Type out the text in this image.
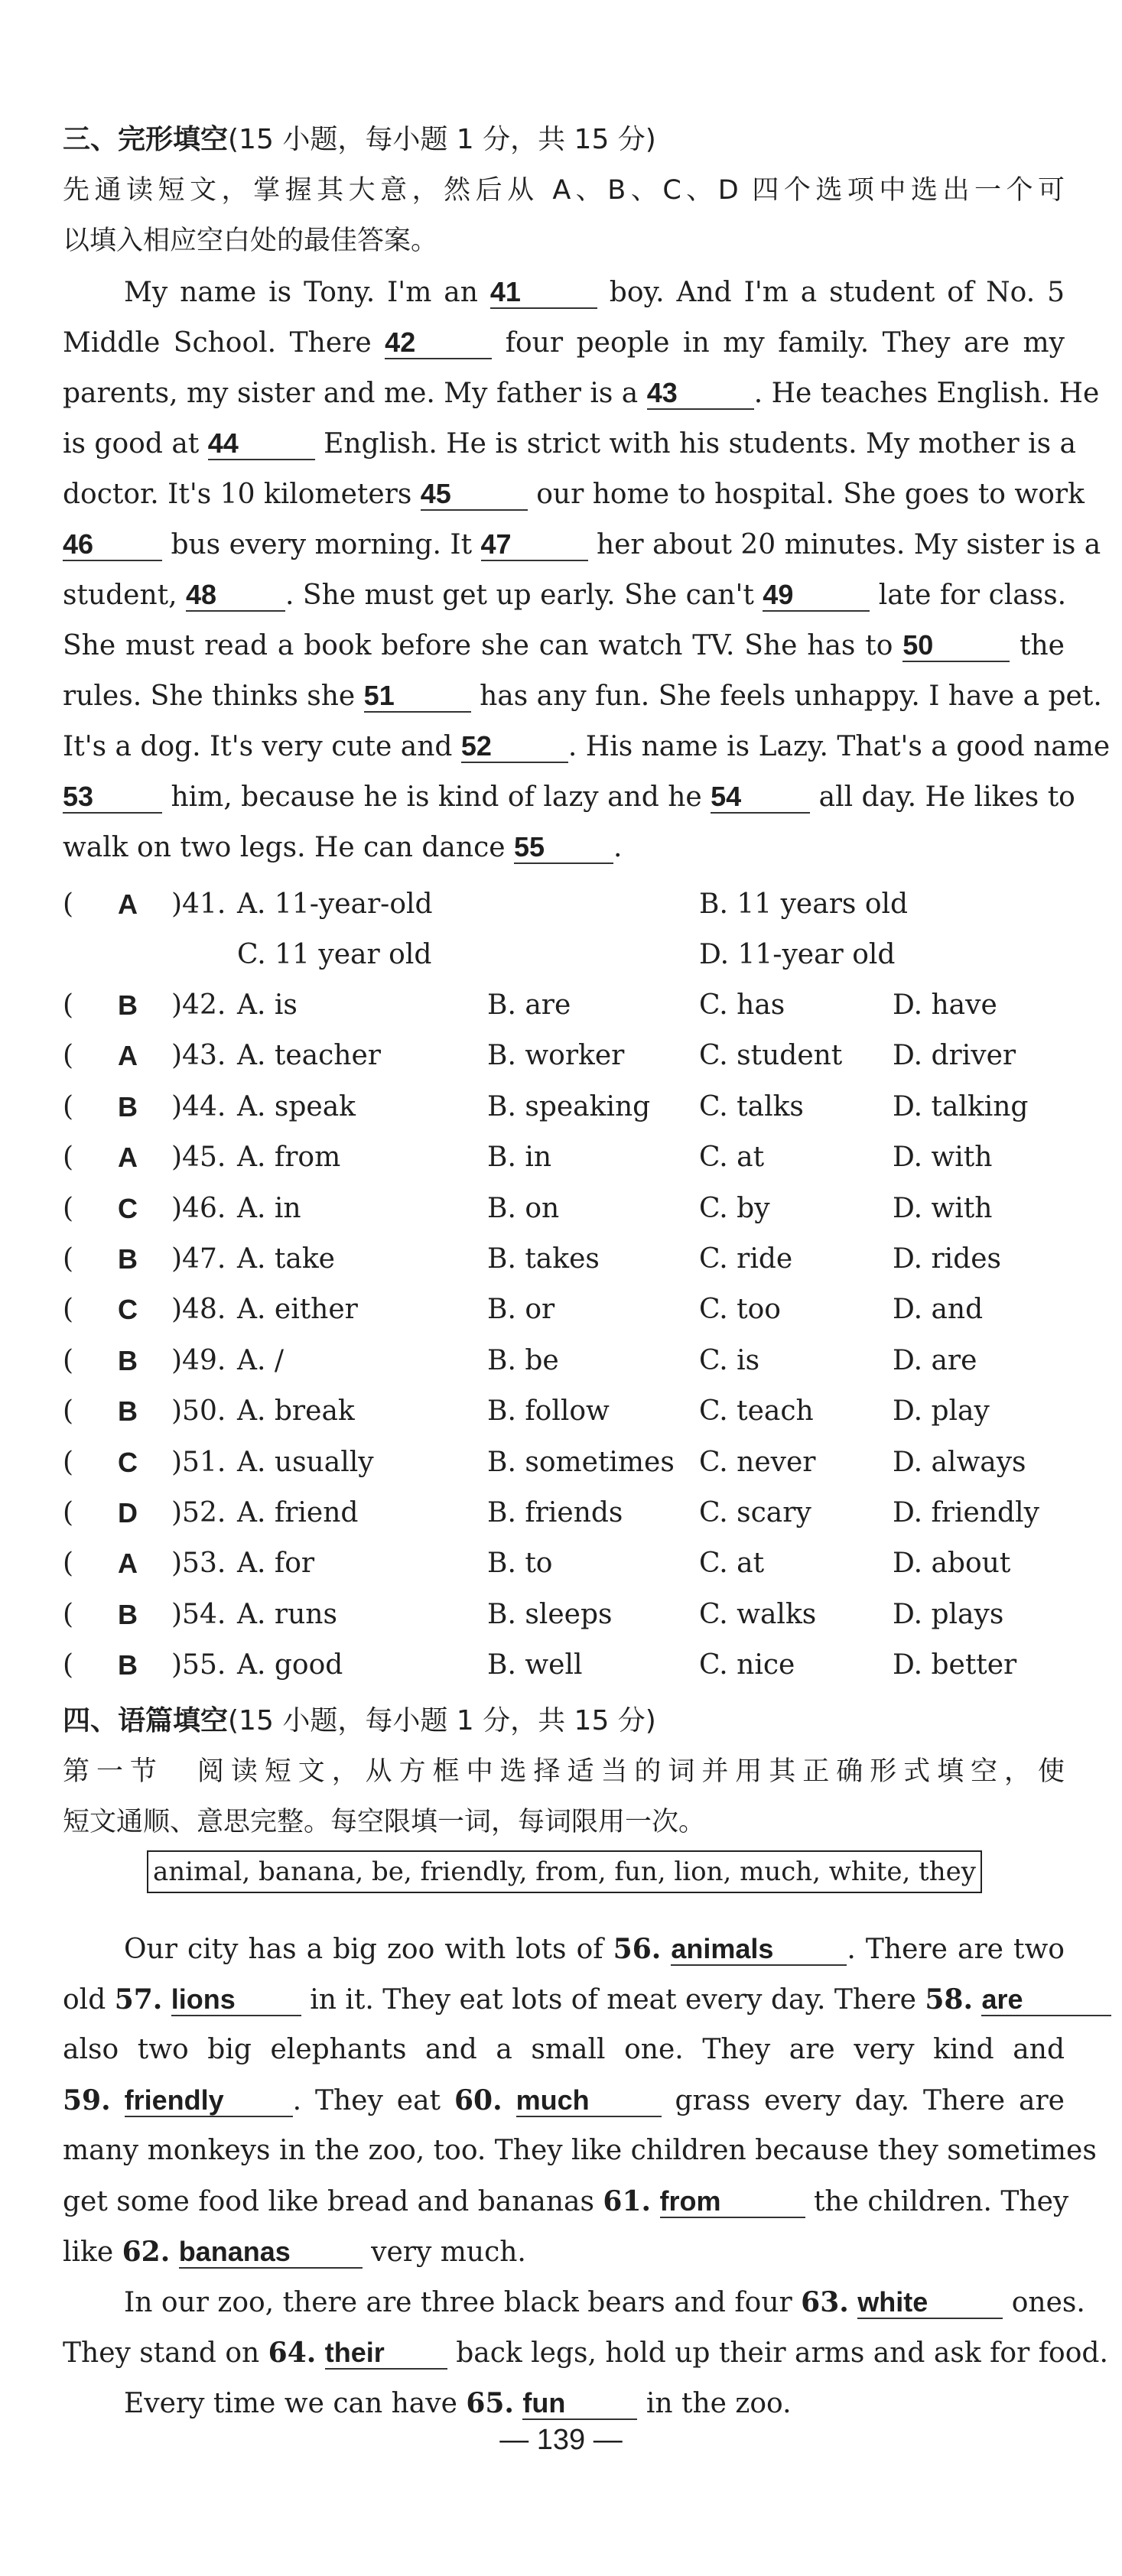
三、完形填空(15 小题，每小题 1 分，共 15 分)
先通读短文，掌握其大意，然后从 A、B、C、D 四个选项中选出一个可
以填入相应空白处的最佳答案。
My name is Tony. I'm an 41	boy. And I'm a student of No. 5
Middle School. There 42	four people in my family. They are my
parents, my sister and me. My father is a 43	. He teaches English. He
is good at 44	English. He is strict with his students. My mother is a
doctor. It's 10 kilometers 45	our home to hospital. She goes to work
46 bus every morning. It 47	her about 20 minutes. My sister is a
student, 48 . She must get up early. She can't 49	late for class.
She must read a book before she can watch TV. She has to 50	the
rules. She thinks she 51	has any fun. She feels unhappy. I have a pet.
It's a dog. It's very cute and 52	. His name is Lazy. That's a good name
53 him, because he is kind of lazy and he 54 all day. He likes to
walk on two legs. He can dance 55 .
(	A	)41. A. 11-year-old	B. 11 years old
C. 11 year old	D. 11-year old
(	B	)42. A. is	B. are	C. has	D. have
(	A	)43. A. teacher	B. worker	C. student D. driver
(	B	)44. A. speak	B. speaking C. talks	D. talking
(	A	)45. A. from	B. in	C. at	D. with
(	C	)46. A. in	B. on	C. by	D. with
(	B	)47. A. take	B. takes	C. ride	D. rides
(	C	)48. A. either	B. or	C. too	D. and
(	B	)49. A. /	B. be	C. is	D. are
(	B	)50. A. break	B. follow	C. teach	D. play
(	C	)51. A. usually	B. sometimes C. never	D. always
(	D	)52. A. friend	B. friends	C. scary	D. friendly
(	A	)53. A. for	B. to	C. at	D. about
(	B	)54. A. runs	B. sleeps	C. walks	D. plays
(	B	)55. A. good	B. well	C. nice	D. better
四、语篇填空(15 小题，每小题 1 分，共 15 分)
第一节　阅读短文，从方框中选择适当的词并用其正确形式填空，使
短文通顺、意思完整。每空限填一词，每词限用一次。
animal, banana, be, friendly, from, fun, lion, much, white, they
Our city has a big zoo with lots of 56. animals	. There are two
old 57. lions in it. They eat lots of meat every day. There 58. are
also two big elephants and a small one. They are very kind and
59. friendly . They eat 60. much	grass every day. There are
many monkeys in the zoo, too. They like children because they sometimes
get some food like bread and bananas 61. from	the children. They
like 62. bananas	very much.
In our zoo, there are three black bears and four 63. white	ones.
They stand on 64. their back legs, hold up their arms and ask for food.
Every time we can have 65. fun	in the zoo.
— 139 —
